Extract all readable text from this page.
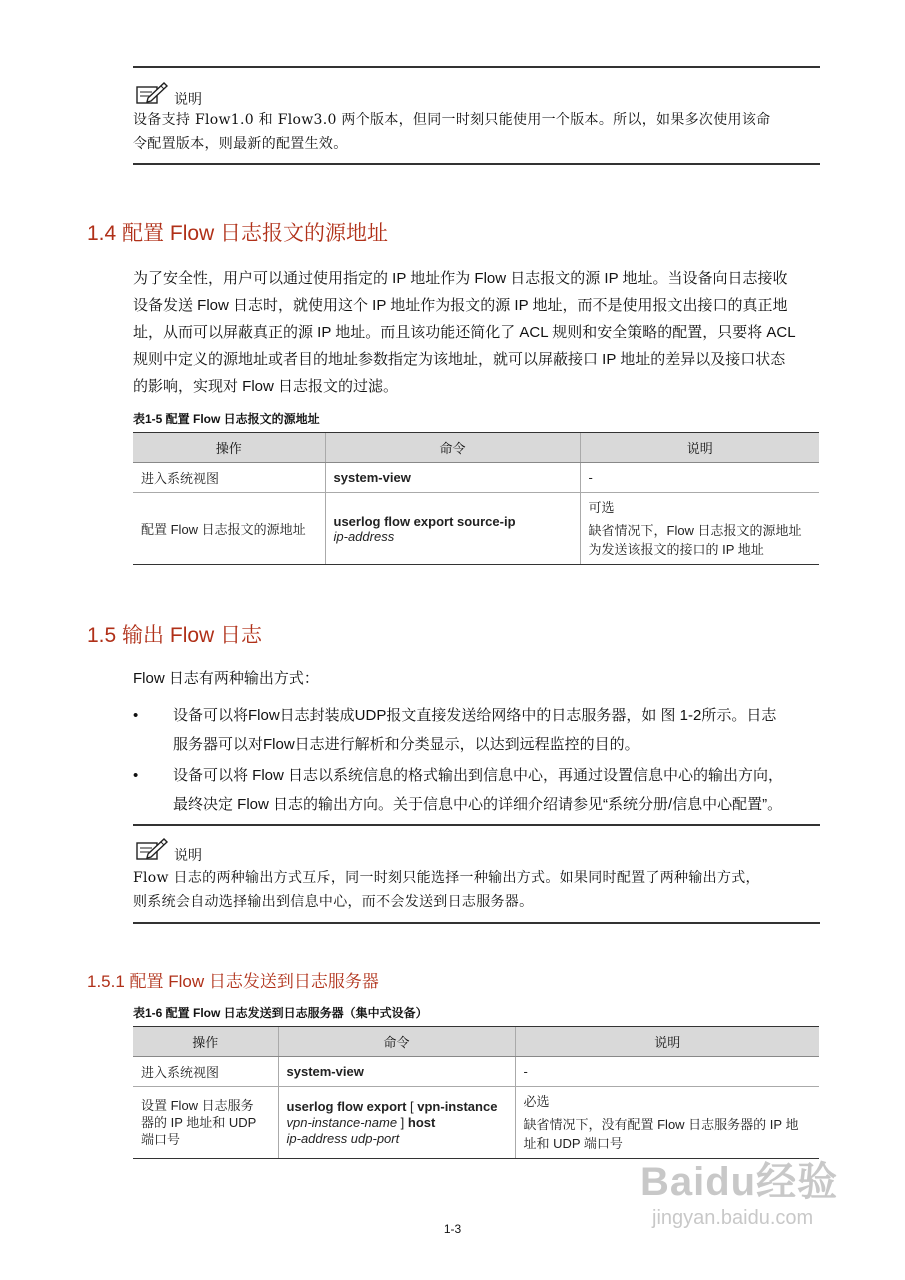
说明
设备支持 Flow1.0 和 Flow3.0 两个版本，但同一时刻只能使用一个版本。所以，如果多次使用该命
令配置版本，则最新的配置生效。
1.4 配置 Flow 日志报文的源地址
为了安全性，用户可以通过使用指定的 IP 地址作为 Flow 日志报文的源 IP 地址。当设备向日志接收
设备发送 Flow 日志时，就使用这个 IP 地址作为报文的源 IP 地址，而不是使用报文出接口的真正地
址，从而可以屏蔽真正的源 IP 地址。而且该功能还简化了 ACL 规则和安全策略的配置，只要将 ACL
规则中定义的源地址或者目的地址参数指定为该地址，就可以屏蔽接口 IP 地址的差异以及接口状态
的影响，实现对 Flow 日志报文的过滤。
表1-5 配置 Flow 日志报文的源地址
操作	命令	说明
进入系统视图	system-view	-
配置 Flow 日志报文的源地址	userlog flow export source-ip
ip-address	可选
缺省情况下，Flow 日志报文的源地址
为发送该报文的接口的 IP 地址
1.5 输出 Flow 日志
Flow 日志有两种输出方式：
• 设备可以将Flow日志封装成UDP报文直接发送给网络中的日志服务器，如 图 1-2所示。日志
服务器可以对Flow日志进行解析和分类显示，以达到远程监控的目的。
• 设备可以将 Flow 日志以系统信息的格式输出到信息中心，再通过设置信息中心的输出方向，
最终决定 Flow 日志的输出方向。关于信息中心的详细介绍请参见“系统分册/信息中心配置”。
说明
Flow 日志的两种输出方式互斥，同一时刻只能选择一种输出方式。如果同时配置了两种输出方式，
则系统会自动选择输出到信息中心，而不会发送到日志服务器。
1.5.1 配置 Flow 日志发送到日志服务器
表1-6 配置 Flow 日志发送到日志服务器（集中式设备）
操作	命令	说明
进入系统视图	system-view	-

设置 Flow 日志服务
器的 IP 地址和 UDP
端口号	userlog flow export [ vpn-instance
vpn-instance-name ] host
ip-address udp-port	必选
缺省情况下，没有配置 Flow 日志服务器的 IP 地
址和 UDP 端口号
Baidu经验
jingyan.baidu.com
1-3
